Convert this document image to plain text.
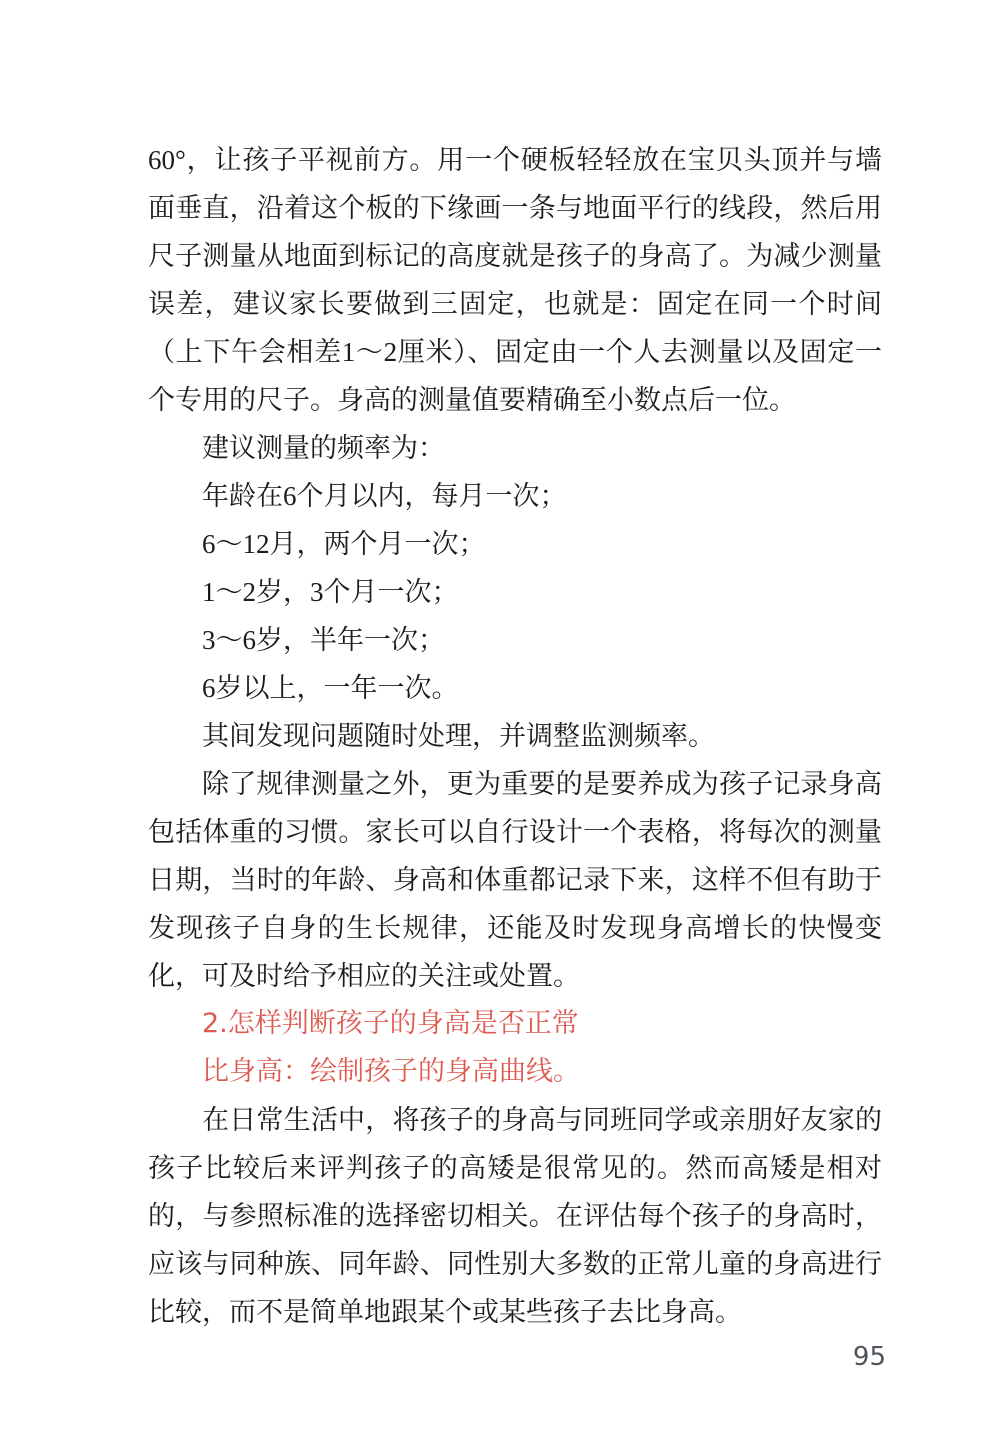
60°，让孩子平视前方。用一个硬板轻轻放在宝贝头顶并与墙面垂直，沿着这个板的下缘画一条与地面平行的线段，然后用尺子测量从地面到标记的高度就是孩子的身高了。为减少测量误差，建议家长要做到三固定，也就是：固定在同一个时间（上下午会相差1～2厘米）、固定由一个人去测量以及固定一个专用的尺子。身高的测量值要精确至小数点后一位。

建议测量的频率为：

年龄在6个月以内，每月一次；

6～12月，两个月一次；

1～2岁，3个月一次；

3～6岁，半年一次；

6岁以上，一年一次。

其间发现问题随时处理，并调整监测频率。

除了规律测量之外，更为重要的是要养成为孩子记录身高包括体重的习惯。家长可以自行设计一个表格，将每次的测量日期，当时的年龄、身高和体重都记录下来，这样不但有助于发现孩子自身的生长规律，还能及时发现身高增长的快慢变化，可及时给予相应的关注或处置。

2.怎样判断孩子的身高是否正常

比身高：绘制孩子的身高曲线。

在日常生活中，将孩子的身高与同班同学或亲朋好友家的孩子比较后来评判孩子的高矮是很常见的。然而高矮是相对的，与参照标准的选择密切相关。在评估每个孩子的身高时，应该与同种族、同年龄、同性别大多数的正常儿童的身高进行比较，而不是简单地跟某个或某些孩子去比身高。

95
